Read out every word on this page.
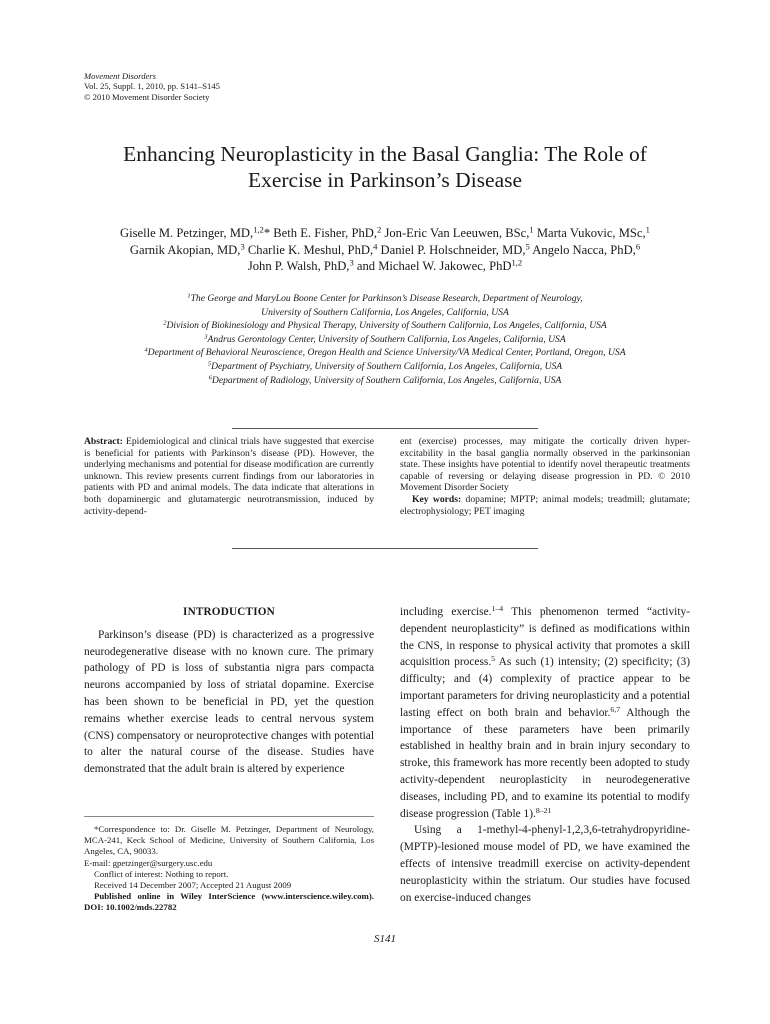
Movement Disorders
Vol. 25, Suppl. 1, 2010, pp. S141–S145
© 2010 Movement Disorder Society
Enhancing Neuroplasticity in the Basal Ganglia: The Role of
Exercise in Parkinson’s Disease
Giselle M. Petzinger, MD,$^{1,2}$* Beth E. Fisher, PhD,$^2$ Jon-Eric Van Leeuwen, BSc,$^1$ Marta Vukovic, MSc,$^1$
Garnik Akopian, MD,$^3$ Charlie K. Meshul, PhD,$^4$ Daniel P. Holschneider, MD,$^5$ Angelo Nacca, PhD,$^6$
John P. Walsh, PhD,$^3$ and Michael W. Jakowec, PhD$^{1,2}$
$^1$The George and MaryLou Boone Center for Parkinson’s Disease Research, Department of Neurology,
University of Southern California, Los Angeles, California, USA
$^2$Division of Biokinesiology and Physical Therapy, University of Southern California, Los Angeles, California, USA
$^3$Andrus Gerontology Center, University of Southern California, Los Angeles, California, USA
$^4$Department of Behavioral Neuroscience, Oregon Health and Science University/VA Medical Center, Portland, Oregon, USA
$^5$Department of Psychiatry, University of Southern California, Los Angeles, California, USA
$^6$Department of Radiology, University of Southern California, Los Angeles, California, USA
Abstract: Epidemiological and clinical trials have suggested that exercise is beneficial for patients with Parkinson’s disease (PD). However, the underlying mechanisms and potential for disease modification are currently unknown. This review presents current findings from our laboratories in patients with PD and animal models. The data indicate that alterations in both dopaminergic and glutamatergic neurotransmission, induced by activity-depend-
ent (exercise) processes, may mitigate the cortically driven hyper-excitability in the basal ganglia normally observed in the parkinsonian state. These insights have potential to identify novel therapeutic treatments capable of reversing or delaying disease progression in PD. © 2010 Movement Disorder Society
Key words: dopamine; MPTP; animal models; treadmill; glutamate; electrophysiology; PET imaging
INTRODUCTION

Parkinson’s disease (PD) is characterized as a progressive neurodegenerative disease with no known cure. The primary pathology of PD is loss of substantia nigra pars compacta neurons accompanied by loss of striatal dopamine. Exercise has been shown to be beneficial in PD, yet the question remains whether exercise leads to central nervous system (CNS) compensatory or neuroprotective changes with potential to alter the natural course of the disease. Studies have demonstrated that the adult brain is altered by experience

including exercise.$^{1-4}$ This phenomenon termed “activity-dependent neuroplasticity” is defined as modifications within the CNS, in response to physical activity that promotes a skill acquisition process.$^5$ As such (1) intensity; (2) specificity; (3) difficulty; and (4) complexity of practice appear to be important parameters for driving neuroplasticity and a potential lasting effect on both brain and behavior.$^{6,7}$ Although the importance of these parameters have been primarily established in healthy brain and in brain injury secondary to stroke, this framework has more recently been adopted to study activity-dependent neuroplasticity in neurodegenerative diseases, including PD, and to examine its potential to modify disease progression (Table 1).$^{8-21}$

Using a 1-methyl-4-phenyl-1,2,3,6-tetrahydropyridine-(MPTP)-lesioned mouse model of PD, we have examined the effects of intensive treadmill exercise on activity-dependent neuroplasticity within the striatum. Our studies have focused on exercise-induced changes

*Correspondence to: Dr. Giselle M. Petzinger, Department of Neurology, MCA-241, Keck School of Medicine, University of Southern California, Los Angeles, CA, 90033.

E-mail: gpetzinger@surgery.usc.edu

Conflict of interest: Nothing to report.

Received 14 December 2007; Accepted 21 August 2009

Published online in Wiley InterScience (www.interscience.wiley.com). DOI: 10.1002/mds.22782

S141
